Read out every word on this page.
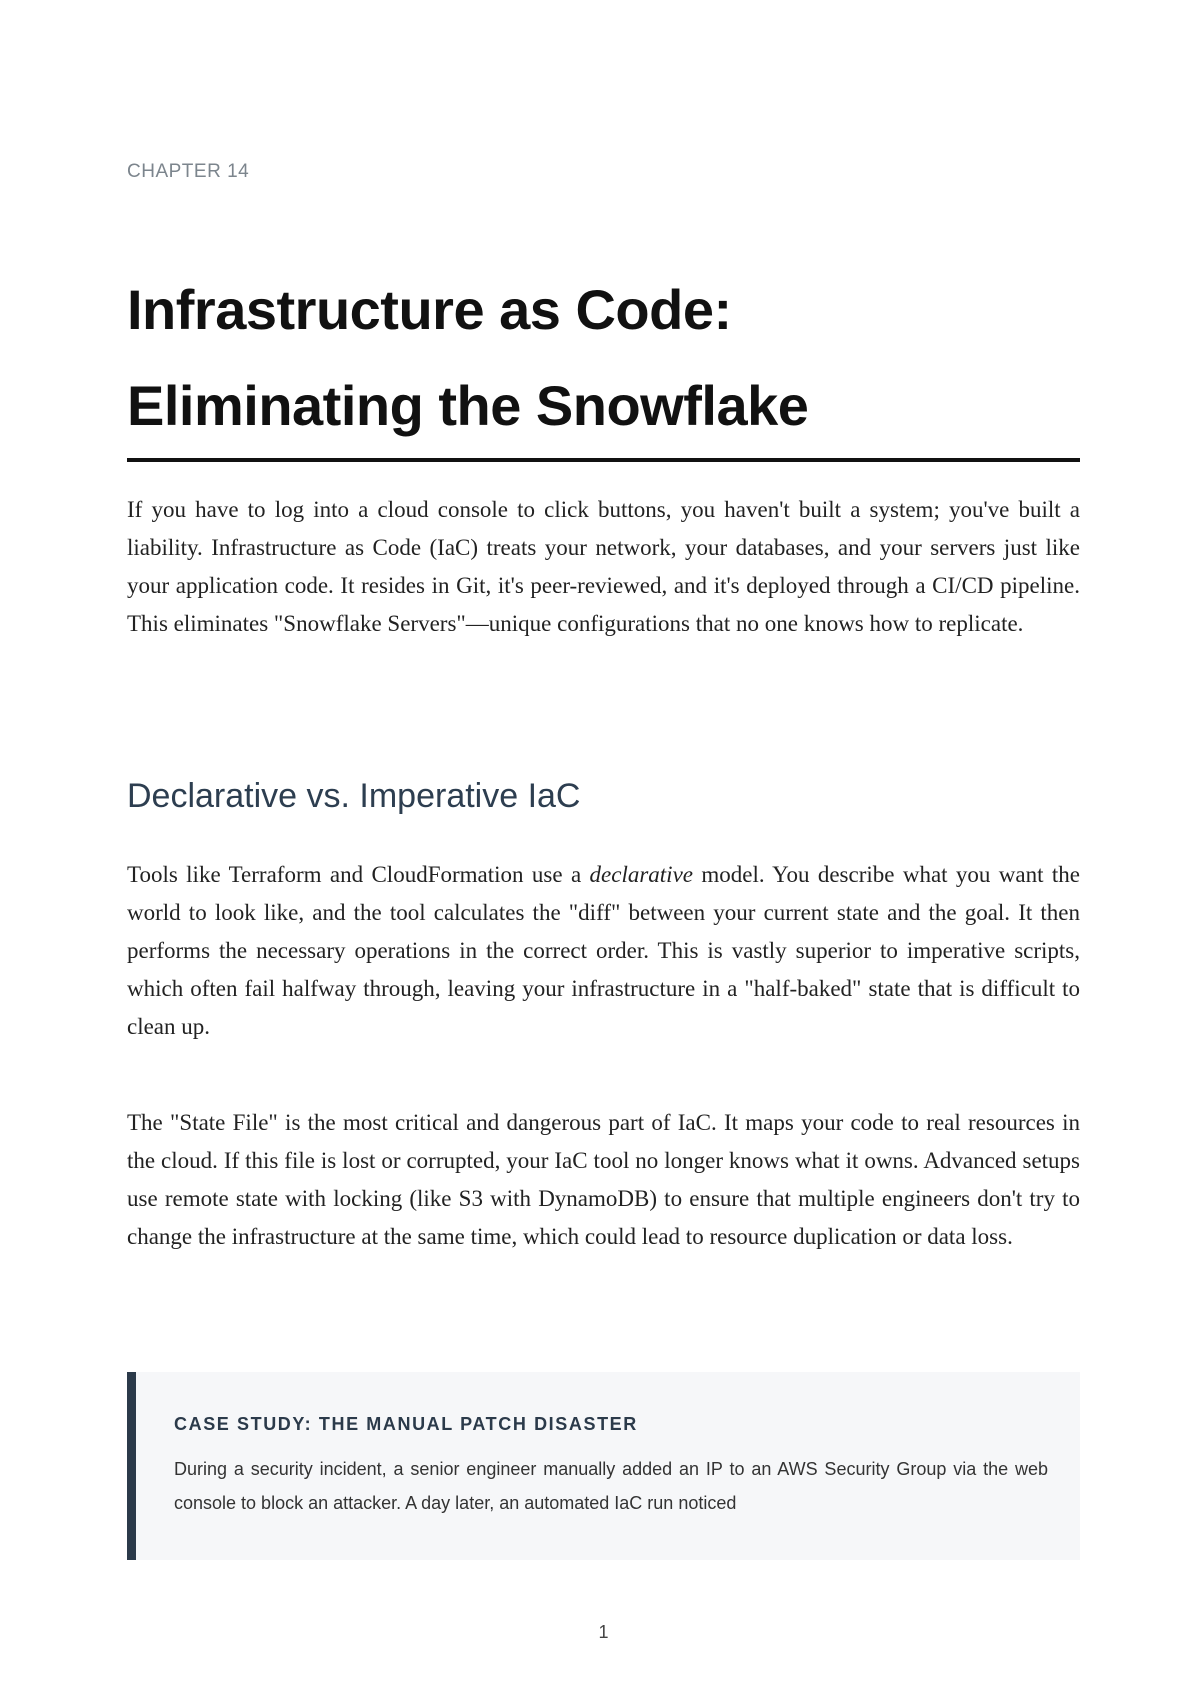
CHAPTER 14
Infrastructure as Code:
Eliminating the Snowflake

If you have to log into a cloud console to click buttons, you haven't built a system; you've built a liability. Infrastructure as Code (IaC) treats your network, your databases, and your servers just like your application code. It resides in Git, it's peer-reviewed, and it's deployed through a CI/CD pipeline. This eliminates "Snowflake Servers"—unique configurations that no one knows how to replicate.

Declarative vs. Imperative IaC

Tools like Terraform and CloudFormation use a declarative model. You describe what you want the world to look like, and the tool calculates the "diff" between your current state and the goal. It then performs the necessary operations in the correct order. This is vastly superior to imperative scripts, which often fail halfway through, leaving your infrastructure in a "half-baked" state that is difficult to clean up.

The "State File" is the most critical and dangerous part of IaC. It maps your code to real resources in the cloud. If this file is lost or corrupted, your IaC tool no longer knows what it owns. Advanced setups use remote state with locking (like S3 with DynamoDB) to ensure that multiple engineers don't try to change the infrastructure at the same time, which could lead to resource duplication or data loss.

CASE STUDY: THE MANUAL PATCH DISASTER

During a security incident, a senior engineer manually added an IP to an AWS Security Group via the web console to block an attacker. A day later, an automated IaC run noticed

1
